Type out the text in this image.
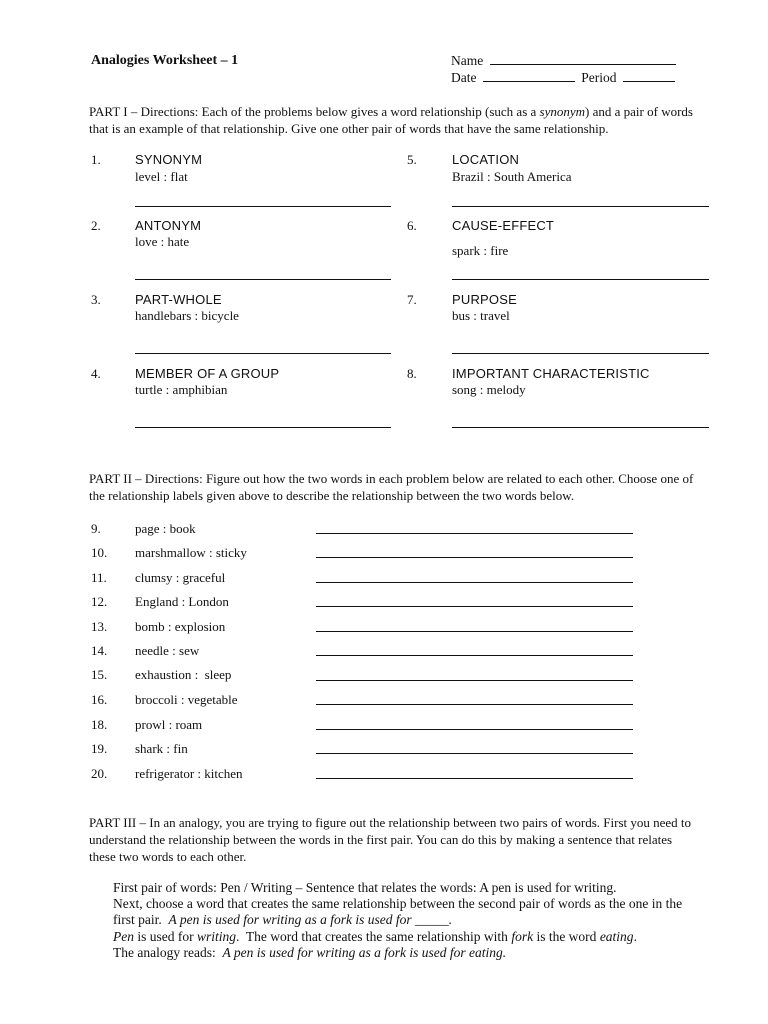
Analogies Worksheet – 1	Name
Date	Period
PART I – Directions: Each of the problems below gives a word relationship (such as a synonym) and a pair of words that is an example of that relationship. Give one other pair of words that have the same relationship.
1.	SYNONYM
level : flat
2.	ANTONYM
love : hate
3.	PART-WHOLE
handlebars : bicycle
4.	MEMBER OF A GROUP
turtle : amphibian
5.	LOCATION
Brazil : South America
6.	CAUSE-EFFECT
spark : fire
7.	PURPOSE
bus : travel
8.	IMPORTANT CHARACTERISTIC
song : melody
PART II – Directions: Figure out how the two words in each problem below are related to each other. Choose one of the relationship labels given above to describe the relationship between the two words below.
9.	page : book
10. marshmallow : sticky
11. clumsy : graceful
12. England : London
13. bomb : explosion
14. needle : sew
15. exhaustion :  sleep
16. broccoli : vegetable
18. prowl : roam
19. shark : fin
20. refrigerator : kitchen
PART III – In an analogy, you are trying to figure out the relationship between two pairs of words. First you need to understand the relationship between the words in the first pair. You can do this by making a sentence that relates these two words to each other.
First pair of words: Pen / Writing – Sentence that relates the words: A pen is used for writing.
Next, choose a word that creates the same relationship between the second pair of words as the one in the
first pair.  A pen is used for writing as a fork is used for _____.
Pen is used for writing.  The word that creates the same relationship with fork is the word eating.
The analogy reads:  A pen is used for writing as a fork is used for eating.
